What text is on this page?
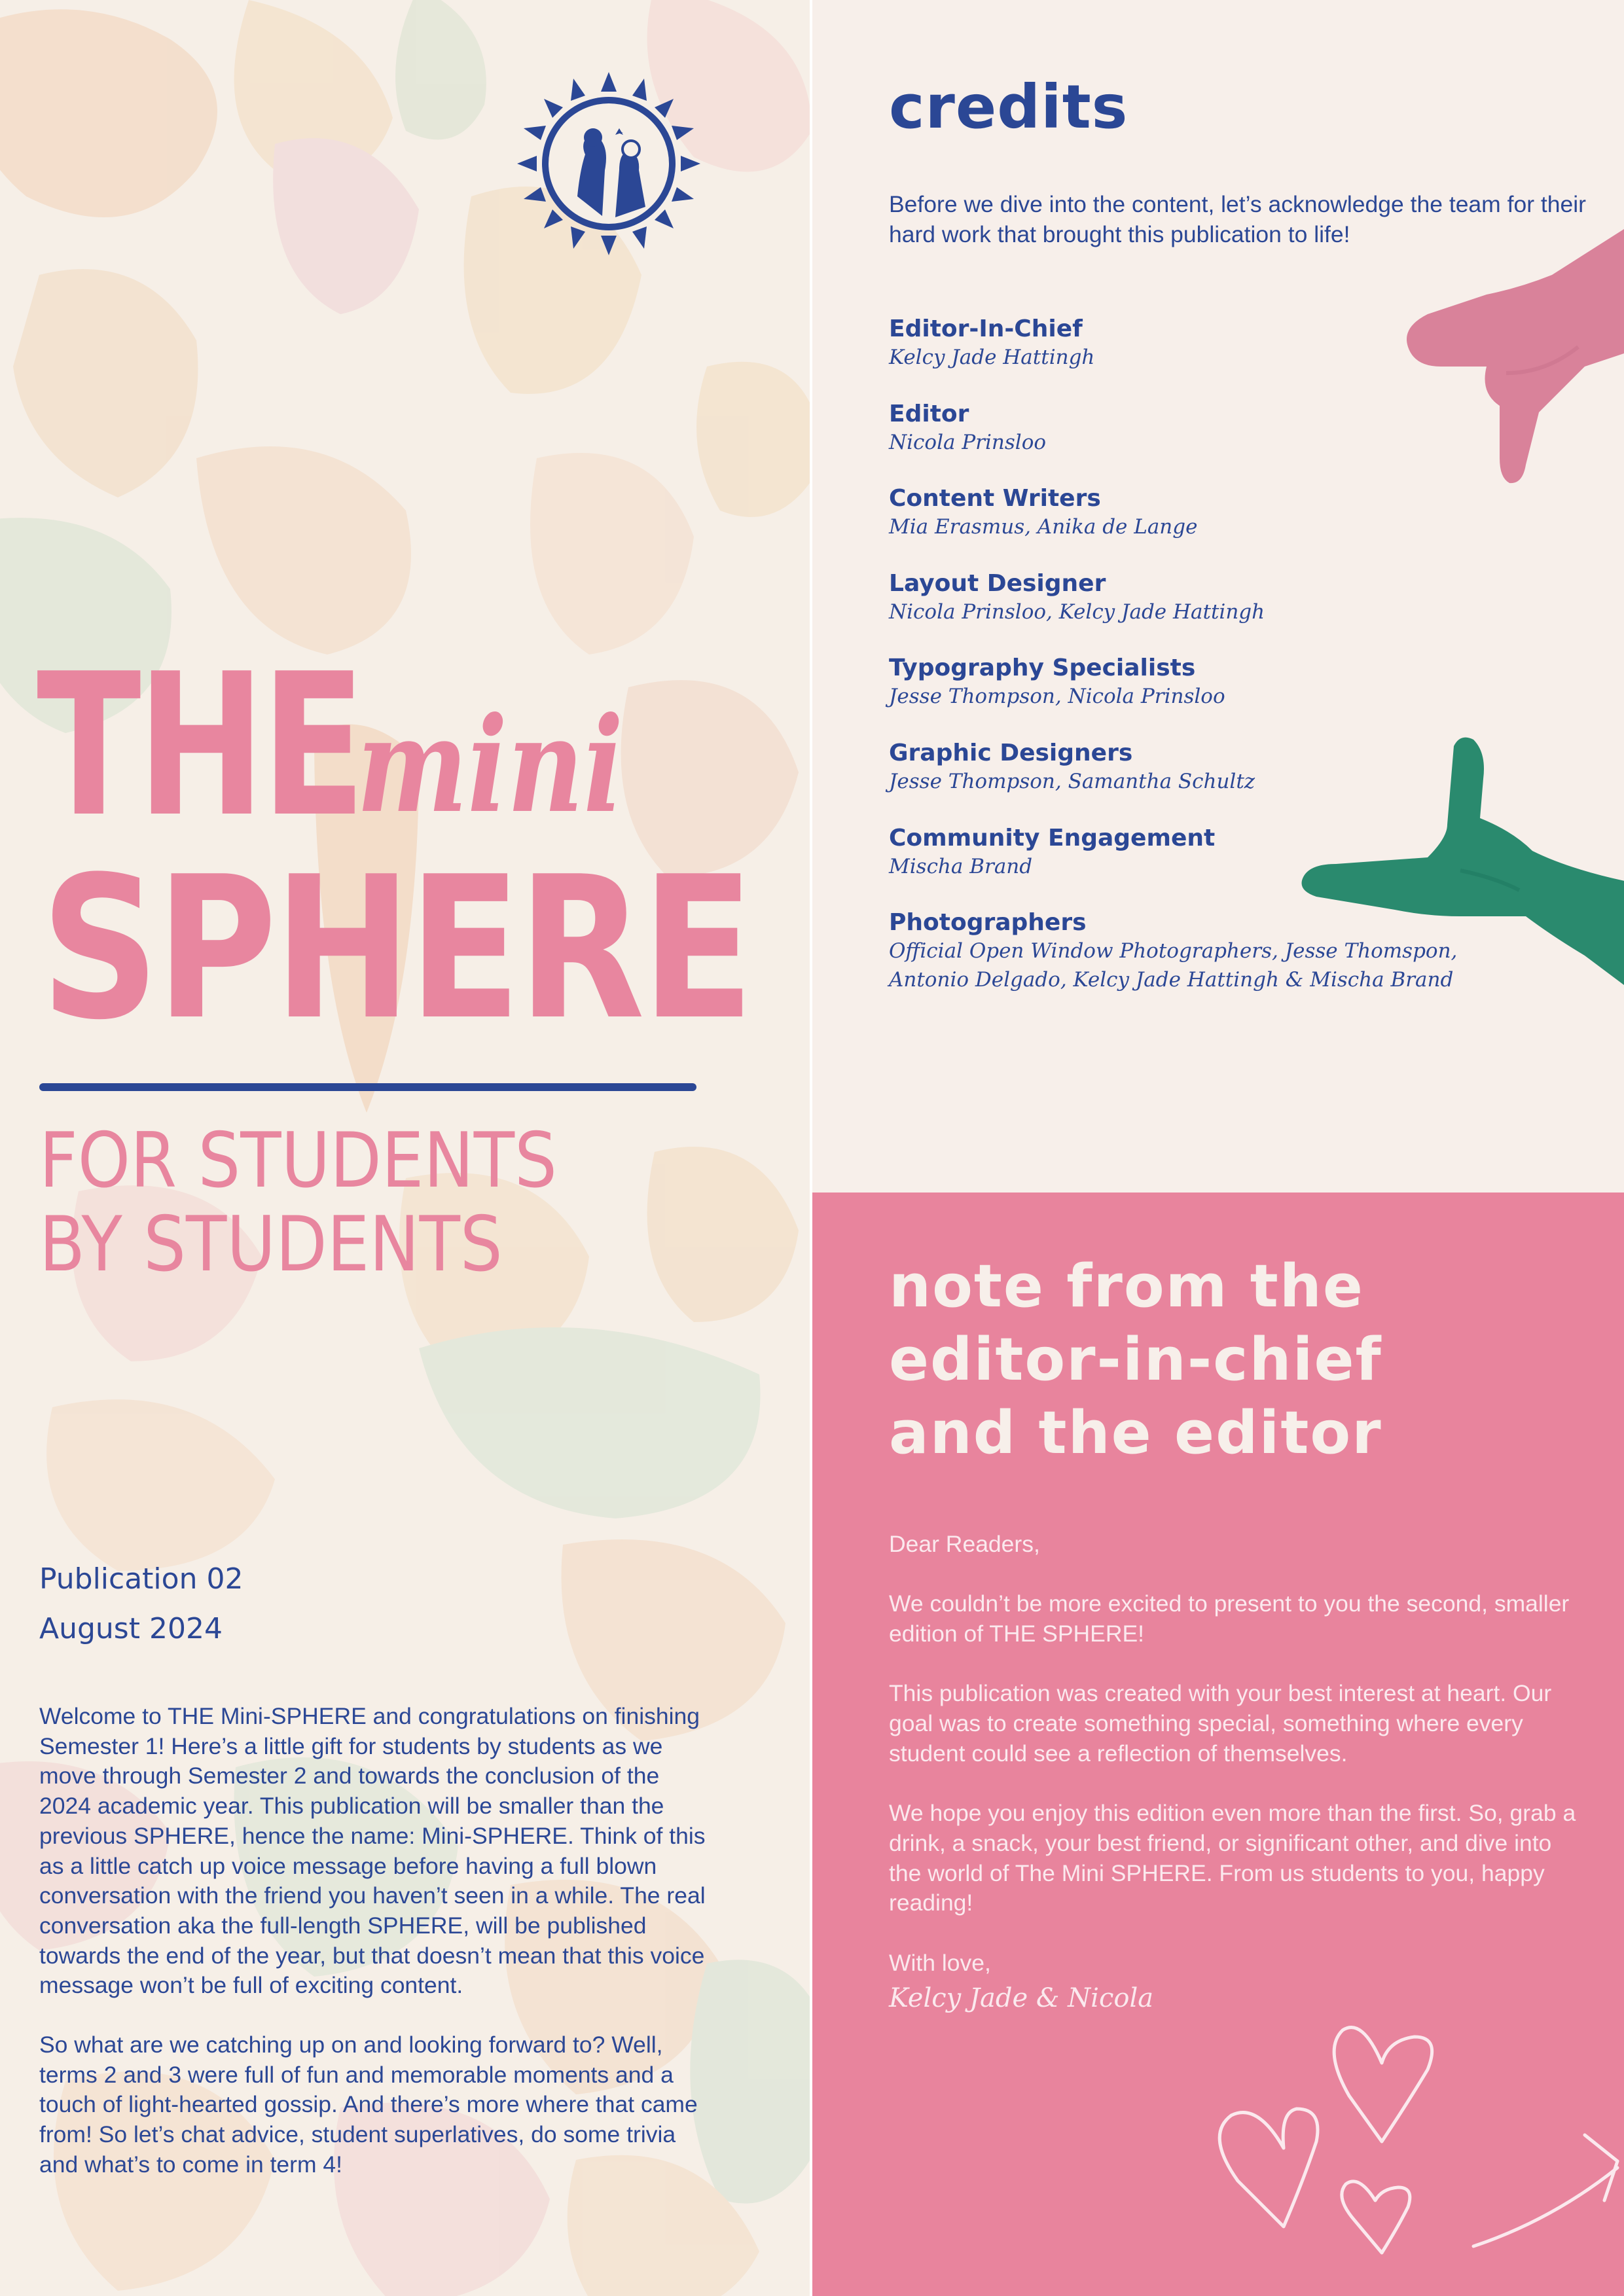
THE
mini
SPHERE
FOR STUDENTS
BY STUDENTS
Publication 02
August 2024

Welcome to THE Mini-SPHERE and congratulations on finishing Semester 1! Here’s a little gift for students by students as we move through Semester 2 and towards the conclusion of the 2024 academic year. This publication will be smaller than the previous SPHERE, hence the name: Mini-SPHERE. Think of this as a little catch up voice message before having a full blown conversation with the friend you haven’t seen in a while. The real conversation aka the full-length SPHERE, will be published towards the end of the year, but that doesn’t mean that this voice message won’t be full of exciting content.

So what are we catching up on and looking forward to? Well, terms 2 and 3 were full of fun and memorable moments and a touch of light-hearted gossip. And there’s more where that came from! So let’s chat advice, student superlatives, do some trivia and what’s to come in term 4!

credits
Before we dive into the content, let’s acknowledge the team for their hard work that brought this publication to life!
Editor-In-Chief
Kelcy Jade Hattingh
Editor
Nicola Prinsloo
Content Writers
Mia Erasmus, Anika de Lange
Layout Designer
Nicola Prinsloo, Kelcy Jade Hattingh
Typography Specialists
Jesse Thompson, Nicola Prinsloo
Graphic Designers
Jesse Thompson, Samantha Schultz
Community Engagement
Mischa Brand
Photographers
Official Open Window Photographers, Jesse Thomspon, Antonio Delgado, Kelcy Jade Hattingh & Mischa Brand
note from the
editor-in-chief
and the editor

Dear Readers,

We couldn’t be more excited to present to you the second, smaller edition of THE SPHERE!

This publication was created with your best interest at heart. Our goal was to create something special, something where every student could see a reflection of themselves.

We hope you enjoy this edition even more than the first. So, grab a drink, a snack, your best friend, or significant other, and dive into the world of The Mini SPHERE. From us students to you, happy reading!

With love,

Kelcy Jade & Nicola
